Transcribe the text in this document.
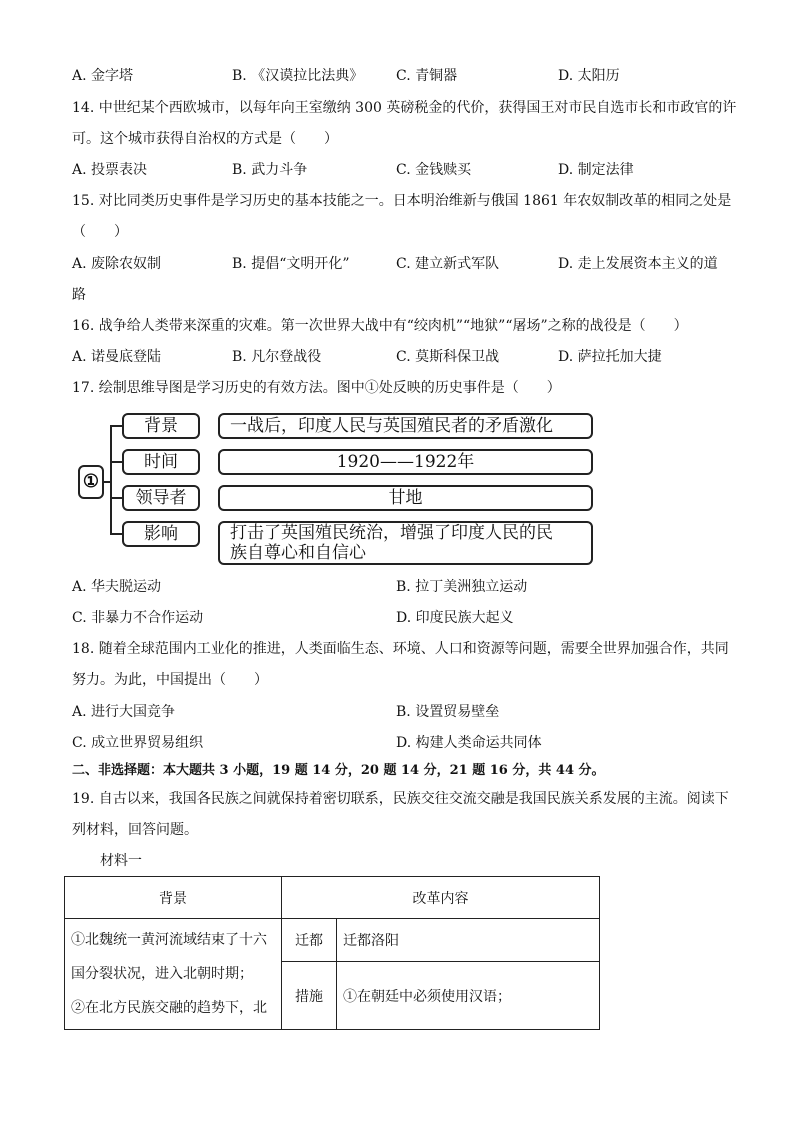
A. 金字塔	B. 《汉谟拉比法典》 C. 青铜器	D. 太阳历
14. 中世纪某个西欧城市，以每年向王室缴纳 300 英磅税金的代价，获得国王对市民自选市长和市政官的许
可。这个城市获得自治权的方式是（　　）
A. 投票表决	B. 武力斗争	C. 金钱赎买	D. 制定法律
15. 对比同类历史事件是学习历史的基本技能之一。日本明治维新与俄国 1861 年农奴制改革的相同之处是
（　　）
A. 废除农奴制	B. 提倡“文明开化”	C. 建立新式军队	D. 走上发展资本主义的道
路
16. 战争给人类带来深重的灾难。第一次世界大战中有“绞肉机”“地狱”“屠场”之称的战役是（　　）
A. 诺曼底登陆	B. 凡尔登战役	C. 莫斯科保卫战	D. 萨拉托加大捷
17. 绘制思维导图是学习历史的有效方法。图中①处反映的历史事件是（　　）
①
背景
时间
领导者
影响
一战后，印度人民与英国殖民者的矛盾激化
1920——1922年
甘地
打击了英国殖民统治，增强了印度人民的民
族自尊心和自信心
A. 华夫脱运动	B. 拉丁美洲独立运动
C. 非暴力不合作运动	D. 印度民族大起义
18. 随着全球范围内工业化的推进，人类面临生态、环境、人口和资源等问题，需要全世界加强合作，共同
努力。为此，中国提出（　　）
A. 进行大国竞争	B. 设置贸易壁垒
C. 成立世界贸易组织	D. 构建人类命运共同体
二、非选择题：本大题共 3 小题，19 题 14 分，20 题 14 分，21 题 16 分，共 44 分。
19. 自古以来，我国各民族之间就保持着密切联系，民族交往交流交融是我国民族关系发展的主流。阅读下
列材料，回答问题。
材料一
背景	改革内容	

①北魏统一黄河流域结束了十六
国分裂状况，进入北朝时期；
②在北方民族交融的趋势下，北	迁都	迁都洛阳
	措施	①在朝廷中必须使用汉语；
